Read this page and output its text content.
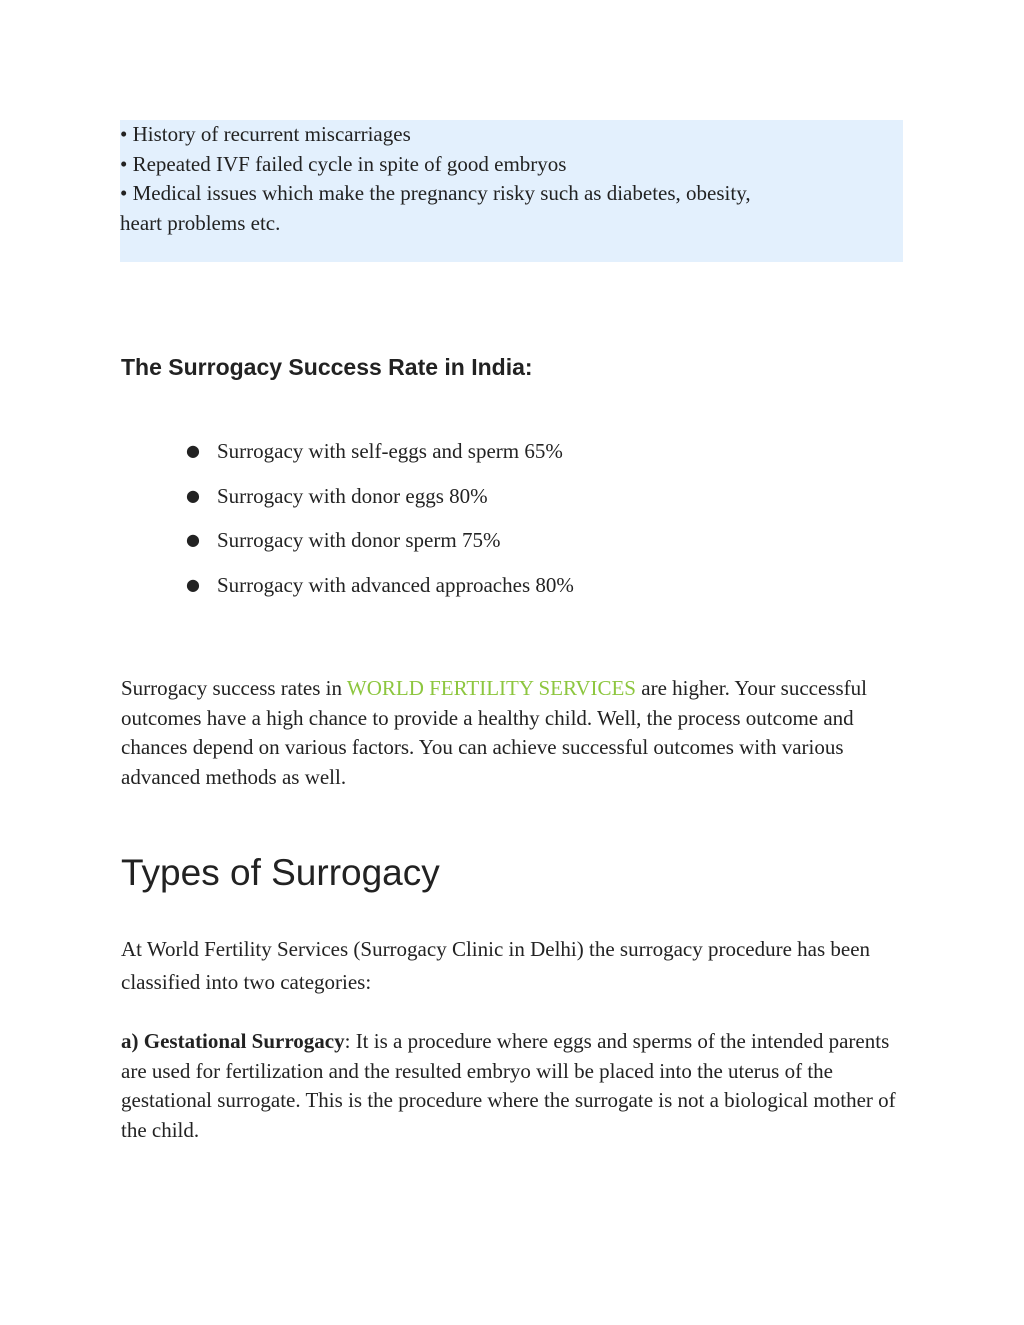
• History of recurrent miscarriages

• Repeated IVF failed cycle in spite of good embryos

• Medical issues which make the pregnancy risky such as diabetes, obesity,

heart problems etc.

The Surrogacy Success Rate in India:
● Surrogacy with self-eggs and sperm 65%
● Surrogacy with donor eggs 80%
● Surrogacy with donor sperm 75%
● Surrogacy with advanced approaches 80%

Surrogacy success rates in WORLD FERTILITY SERVICES are higher. Your successful outcomes have a high chance to provide a healthy child. Well, the process outcome and chances depend on various factors. You can achieve successful outcomes with various advanced methods as well.

Types of Surrogacy

At World Fertility Services (Surrogacy Clinic in Delhi) the surrogacy procedure has been classified into two categories:

a) Gestational Surrogacy: It is a procedure where eggs and sperms of the intended parents are used for fertilization and the resulted embryo will be placed into the uterus of the gestational surrogate. This is the procedure where the surrogate is not a biological mother of the child.
